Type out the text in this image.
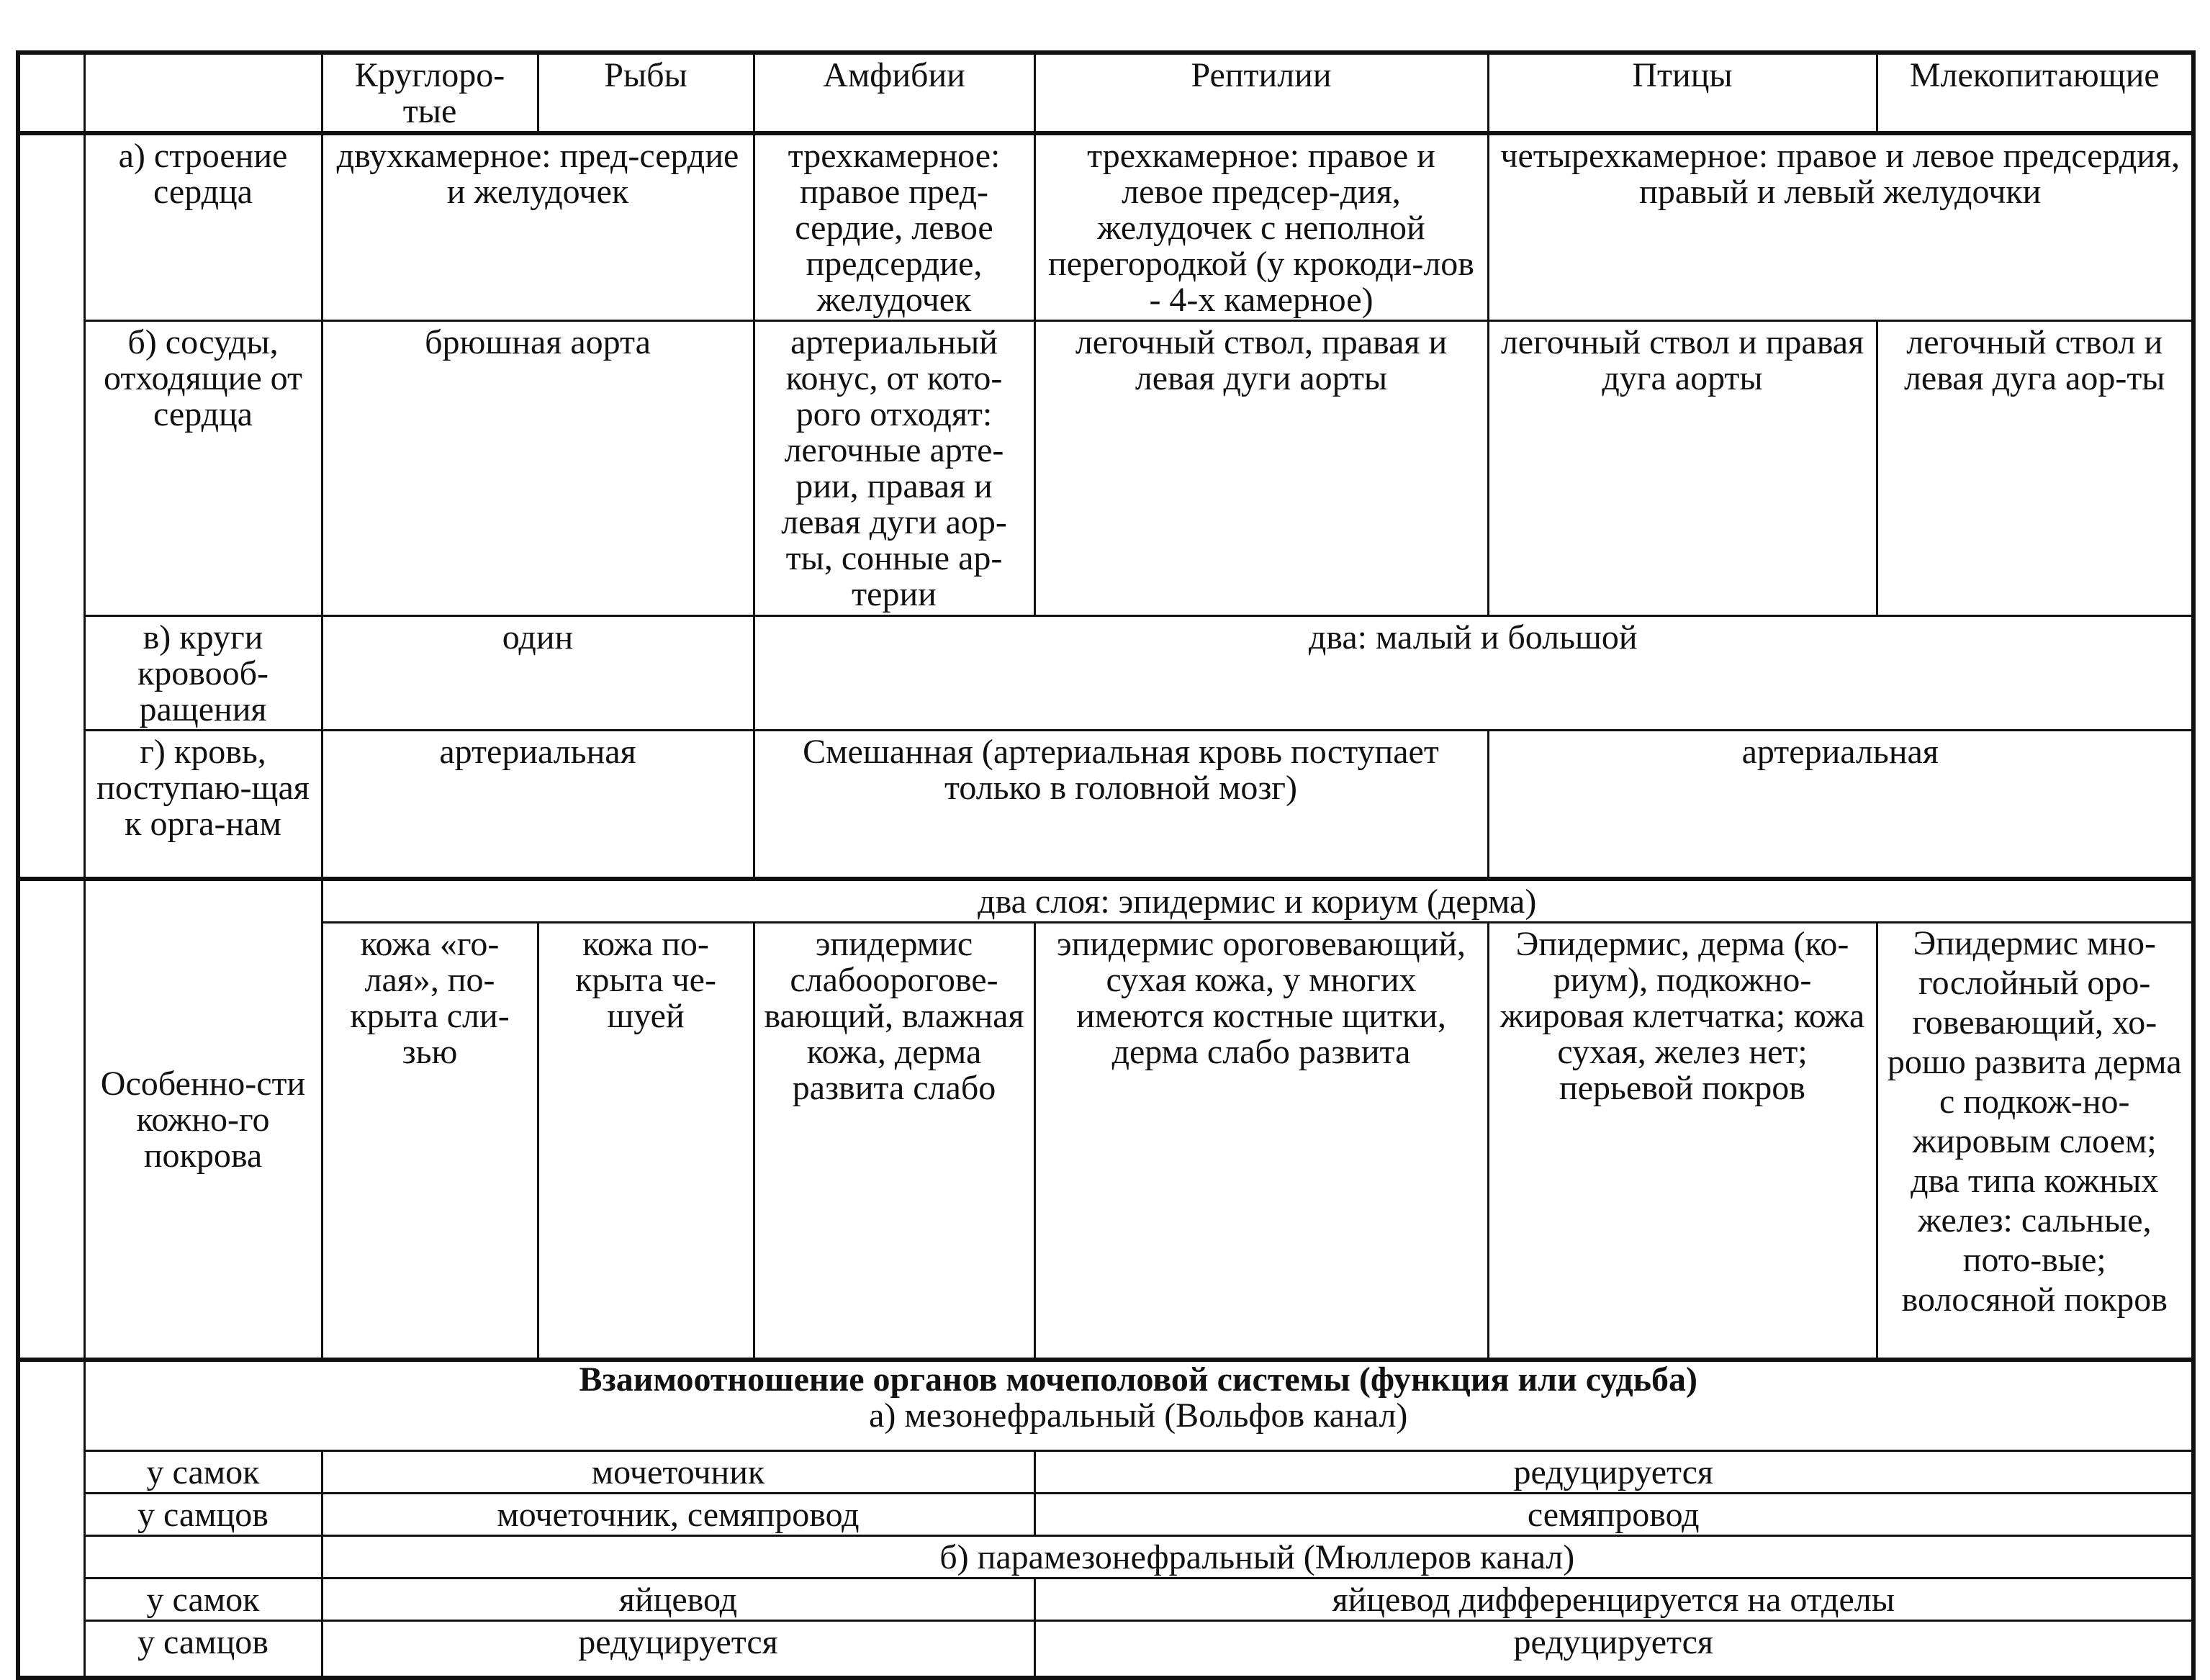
		Круглоро-тые	Рыбы	Амфибии	Рептилии	Птицы	Млекопитающие
	а) строение сердца	двухкамерное: пред-сердие и желудочек		трехкамерное: правое пред-сердие, левое предсердие, желудочек	трехкамерное: правое и левое предсер-дия, желудочек с неполной перегородкой (у крокоди-лов - 4-х камерное)	четырехкамерное: правое и левое предсердия, правый и левый желудочки	
	б) сосуды, отходящие от сердца	брюшная аорта		артериальный конус, от кото-рого отходят: легочные арте-рии, правая и левая дуги аор-ты, сонные ар-терии	легочный ствол, правая и левая дуги аорты	легочный ствол и правая дуга аорты	легочный ствол и левая дуга аор-ты
	в) круги кровооб-ращения	один		два: малый и большой			
	г) кровь, поступаю-щая к орга-нам	артериальная		Смешанная (артериальная кровь поступает только в головной мозг)		артериальная	
	Особенно-сти кожно-го покрова	два слоя: эпидермис и кориум (дерма)					
		кожа «го-лая», по-крыта сли-зью	кожа по-крыта че-шуей	эпидермис слабоорогове-вающий, влажная кожа, дерма развита слабо	эпидермис ороговевающий, сухая кожа, у многих имеются костные щитки, дерма слабо развита	Эпидермис, дерма (ко-риум), подкожно-жировая клетчатка; кожа сухая, желез нет; перьевой покров	Эпидермис мно-гослойный орo-говевающий, хо-рошо развита дерма с подкож-но-жировым слоем; два типа кожных желез: сальные, пото-вые; волосяной покров

Взаимоотношение органов мочеполовой системы (функция или судьба)
а) мезонефральный (Вольфов канал)						

	у самок	мочеточник			редуцируется		
	у самцов	мочеточник, семяпровод			семяпровод		
		б) парамезонефральный (Мюллеров канал)					
	у самок	яйцевод			яйцевод дифференцируется на отделы		
	у самцов	редуцируется			редуцируется		
